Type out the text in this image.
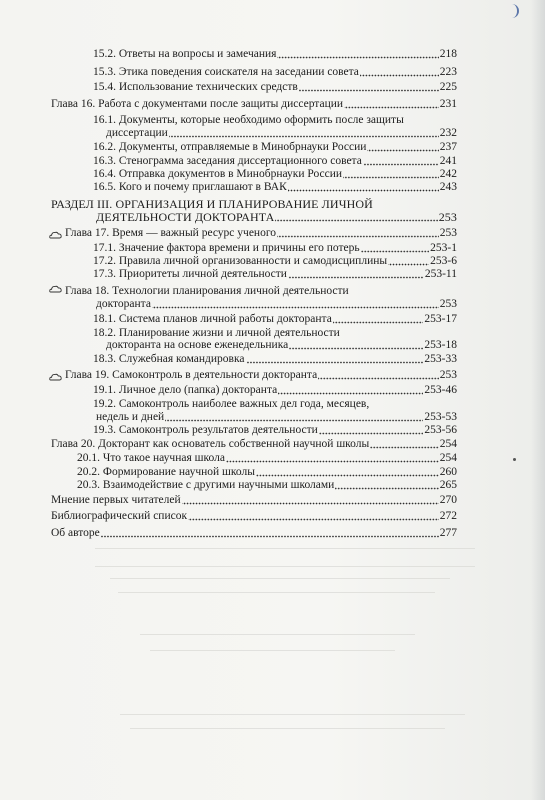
15.2. Ответы на вопросы и замечания	218
15.3. Этика поведения соискателя на заседании совета	223
15.4. Использование технических средств	225
Глава 16. Работа с документами после защиты диссертации	231
16.1. Документы, которые необходимо оформить после защиты
диссертации	232
16.2. Документы, отправляемые в Минобрнауки России	237
16.3. Стенограмма заседания диссертационного совета	241
16.4. Отправка документов в Минобрнауки России	242
16.5. Кого и почему приглашают в ВАК	243
РАЗДЕЛ III. ОРГАНИЗАЦИЯ И ПЛАНИРОВАНИЕ ЛИЧНОЙ
ДЕЯТЕЛЬНОСТИ ДОКТОРАНТА	253
Глава 17. Время — важный ресурс ученого	253
17.1. Значение фактора времени и причины его потерь	253-1
17.2. Правила личной организованности и самодисциплины	253-6
17.3. Приоритеты личной деятельности	253-11
Глава 18. Технологии планирования личной деятельности
докторанта	253
18.1. Система планов личной работы докторанта	253-17
18.2. Планирование жизни и личной деятельности
докторанта на основе еженедельника	253-18
18.3. Служебная командировка	253-33
Глава 19. Самоконтроль в деятельности докторанта	253
19.1. Личное дело (папка) докторанта	253-46
19.2. Самоконтроль наиболее важных дел года, месяцев,
недель и дней	253-53
19.3. Самоконтроль результатов деятельности	253-56
Глава 20. Докторант как основатель собственной научной школы	254
20.1. Что такое научная школа	254
20.2. Формирование научной школы	260
20.3. Взаимодействие с другими научными школами	265
Мнение первых читателей	270
Библиографический список	272
Об авторе	277
